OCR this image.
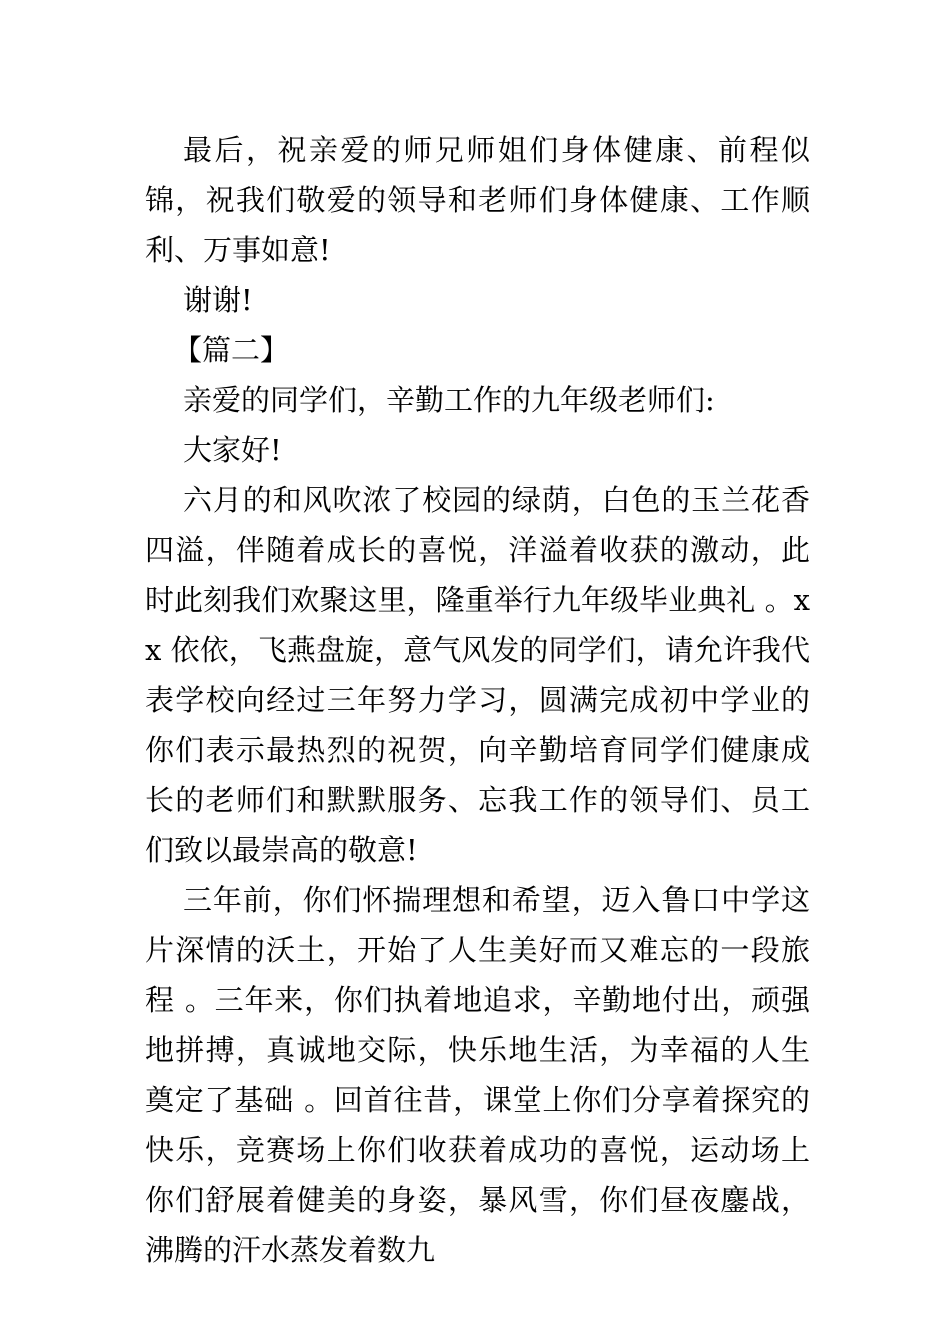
最后，祝亲爱的师兄师姐们身体健康、前程似锦，祝我们敬爱的领导和老师们身体健康、工作顺利、万事如意!

谢谢!

【篇二】

亲爱的同学们，辛勤工作的九年级老师们:

大家好!

六月的和风吹浓了校园的绿荫，白色的玉兰花香四溢，伴随着成长的喜悦，洋溢着收获的激动，此时此刻我们欢聚这里，隆重举行九年级毕业典礼 。xx 依依，飞燕盘旋，意气风发的同学们，请允许我代表学校向经过三年努力学习，圆满完成初中学业的你们表示最热烈的祝贺，向辛勤培育同学们健康成长的老师们和默默服务、忘我工作的领导们、员工们致以最崇高的敬意!

三年前，你们怀揣理想和希望，迈入鲁口中学这片深情的沃土，开始了人生美好而又难忘的一段旅程 。三年来，你们执着地追求，辛勤地付出，顽强地拼搏，真诚地交际，快乐地生活，为幸福的人生奠定了基础 。回首往昔，课堂上你们分享着探究的快乐，竞赛场上你们收获着成功的喜悦，运动场上你们舒展着健美的身姿，暴风雪，你们昼夜鏖战，沸腾的汗水蒸发着数九
